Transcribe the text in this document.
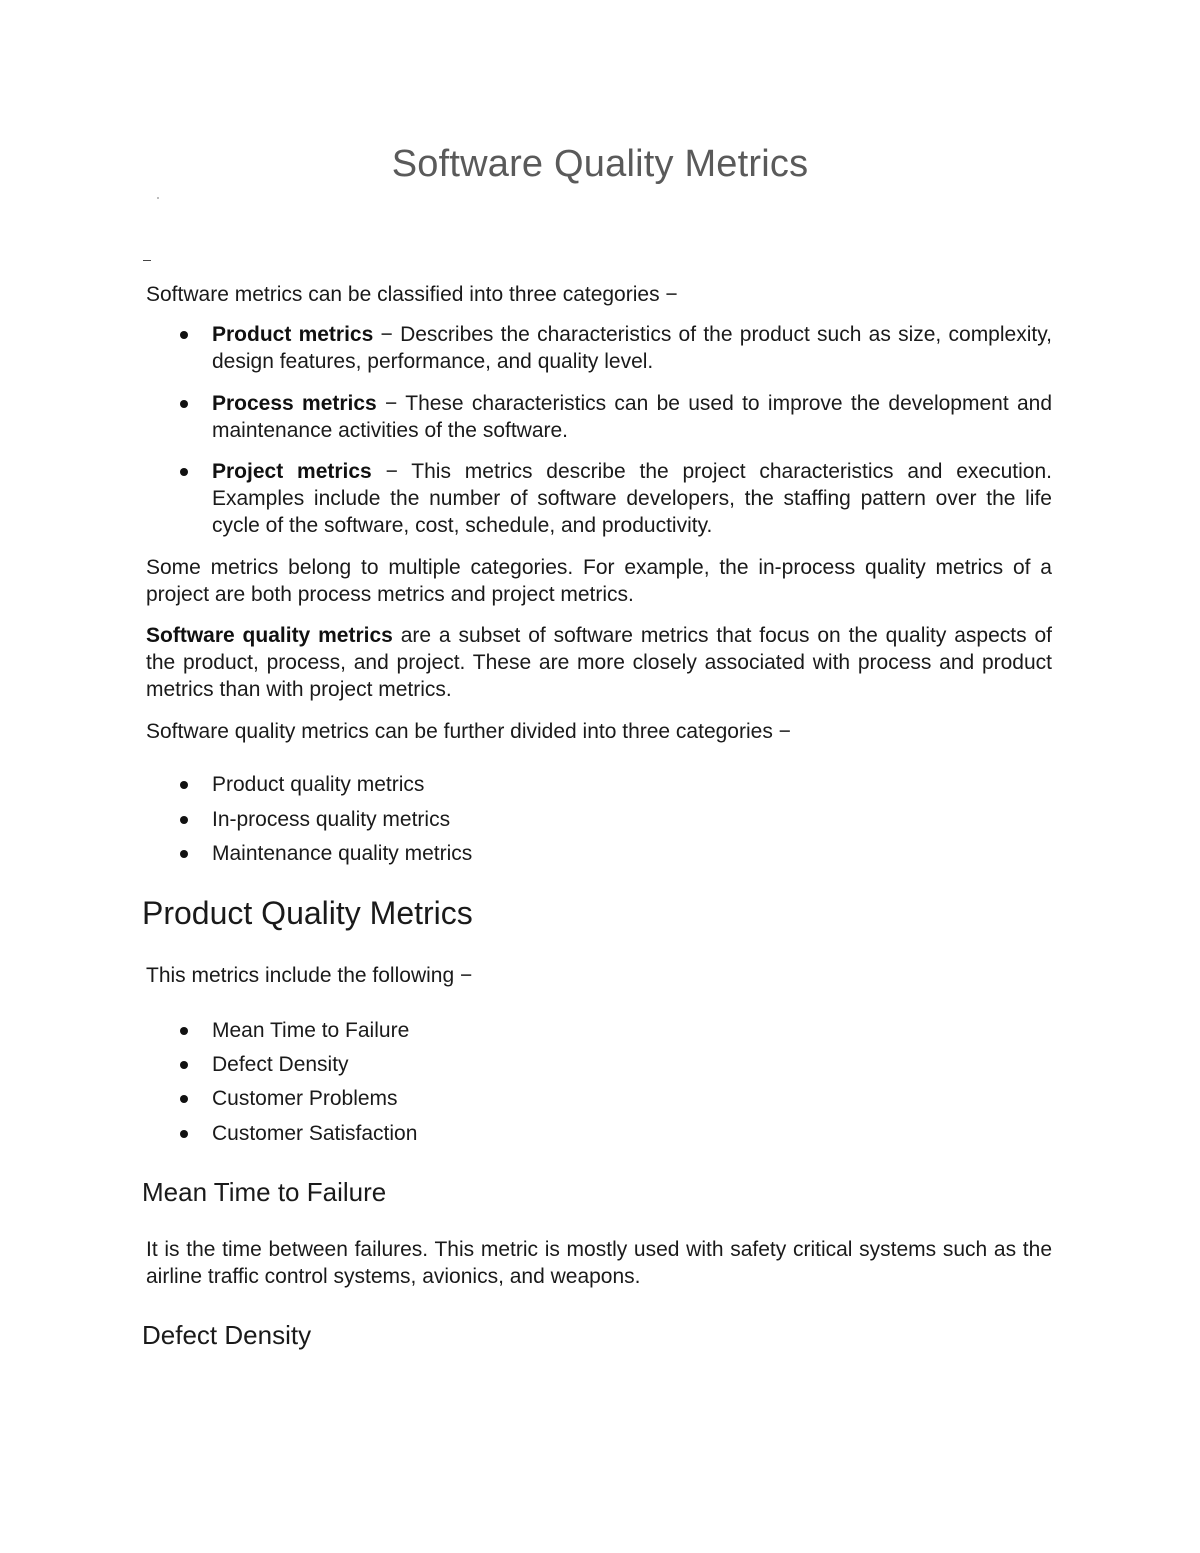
Software Quality Metrics
Software metrics can be classified into three categories −
Product metrics − Describes the characteristics of the product such as size, complexity, design features, performance, and quality level.
Process metrics − These characteristics can be used to improve the development and maintenance activities of the software.
Project metrics − This metrics describe the project characteristics and execution. Examples include the number of software developers, the staffing pattern over the life cycle of the software, cost, schedule, and productivity.
Some metrics belong to multiple categories. For example, the in-process quality metrics of a project are both process metrics and project metrics.
Software quality metrics are a subset of software metrics that focus on the quality aspects of the product, process, and project. These are more closely associated with process and product metrics than with project metrics.
Software quality metrics can be further divided into three categories −
Product quality metrics
In-process quality metrics
Maintenance quality metrics
Product Quality Metrics
This metrics include the following −
Mean Time to Failure
Defect Density
Customer Problems
Customer Satisfaction
Mean Time to Failure
It is the time between failures. This metric is mostly used with safety critical systems such as the airline traffic control systems, avionics, and weapons.
Defect Density
